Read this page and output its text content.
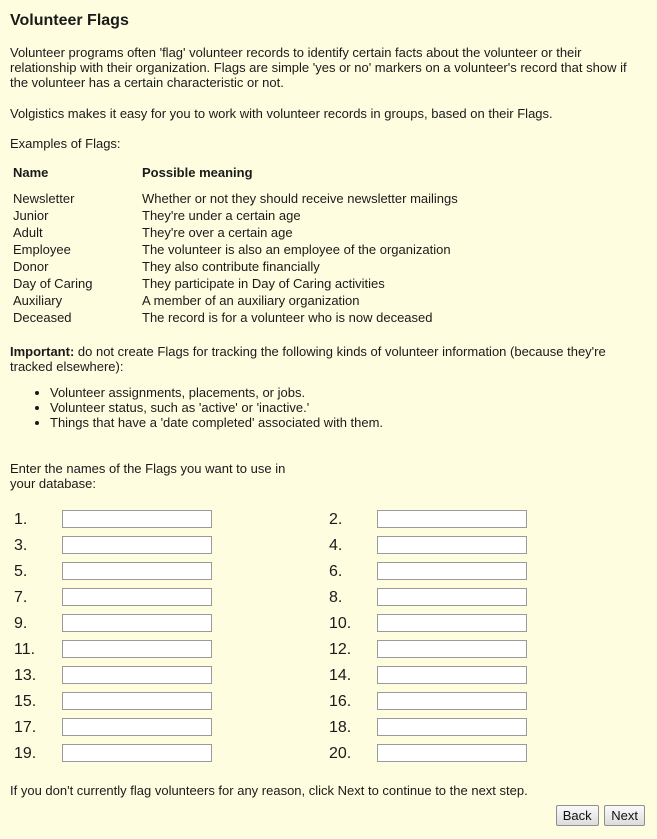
Volunteer Flags

Volunteer programs often 'flag' volunteer records to identify certain facts about the volunteer or their relationship with their organization. Flags are simple 'yes or no' markers on a volunteer's record that show if the volunteer has a certain characteristic or not.

Volgistics makes it easy for you to work with volunteer records in groups, based on their Flags.

Examples of Flags:

Name	Possible meaning

Newsletter	Whether or not they should receive newsletter mailings
Junior	They're under a certain age
Adult	They're over a certain age
Employee	The volunteer is also an employee of the organization
Donor	They also contribute financially
Day of Caring	They participate in Day of Caring activities
Auxiliary	A member of an auxiliary organization
Deceased	The record is for a volunteer who is now deceased

Important: do not create Flags for tracking the following kinds of volunteer information (because they're tracked elsewhere):

• Volunteer assignments, placements, or jobs.
• Volunteer status, such as 'active' or 'inactive.'
• Things that have a 'date completed' associated with them.

Enter the names of the Flags you want to use in your database:

1.	2.
3.	4.
5.	6.
7.	8.
9.	10.
11.	12.
13.	14.
15.	16.
17.	18.
19.	20.

If you don't currently flag volunteers for any reason, click Next to continue to the next step.

Back Next
